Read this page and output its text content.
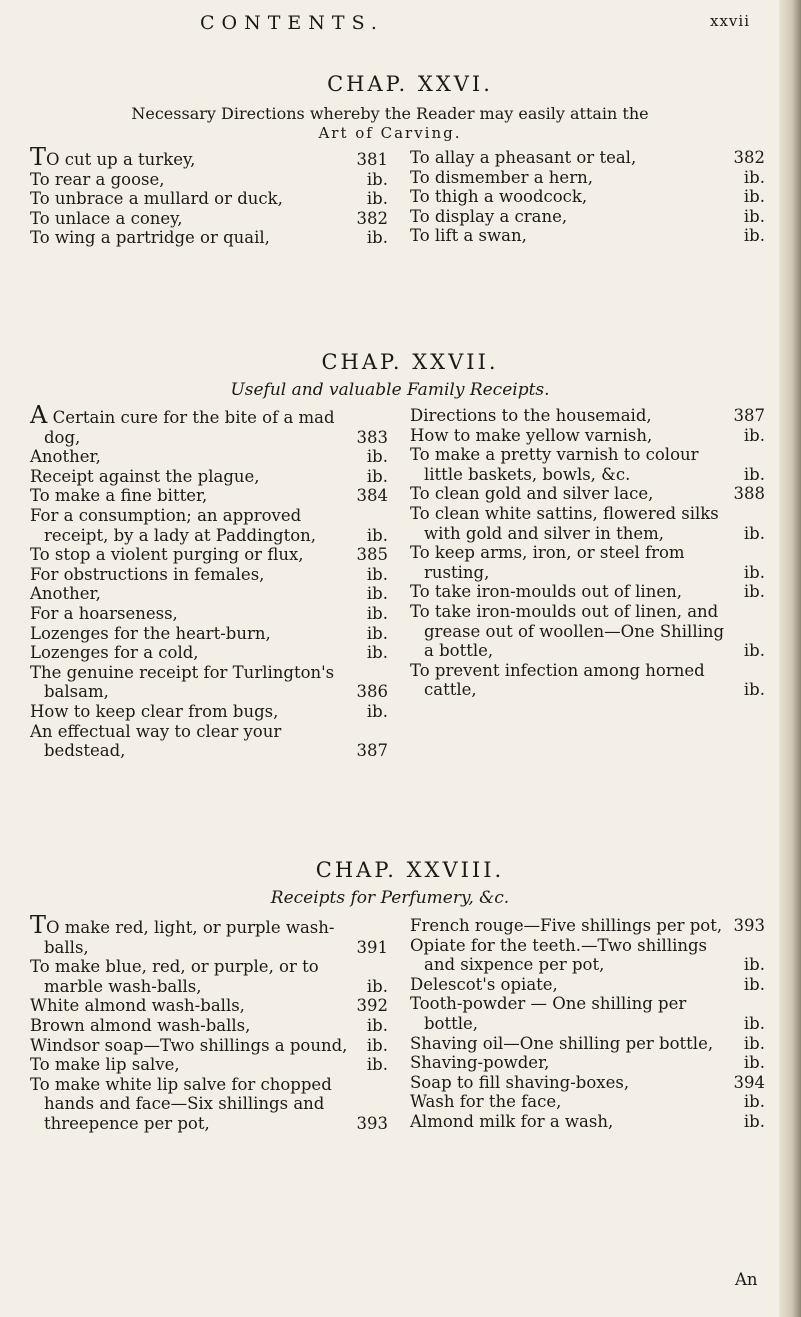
CONTENTS.	xxvii
CHAP. XXVI.
Necessary Directions whereby the Reader may easily attain the
Art of Carving.
TO cut up a turkey,	381
To rear a goose,	ib.
To unbrace a mullard or duck,	ib.
To unlace a coney,	382
To wing a partridge or quail,	ib.
To allay a pheasant or teal,	382
To dismember a hern,	ib.
To thigh a woodcock,	ib.
To display a crane,	ib.
To lift a swan,	ib.
CHAP. XXVII.
Useful and valuable Family Receipts.
A Certain cure for the bite of a mad dog,	383
Another,	ib.
Receipt against the plague,	ib.
To make a fine bitter,	384
For a consumption; an approved receipt, by a lady at Paddington,	ib.
To stop a violent purging or flux,	385
For obstructions in females,	ib.
Another,	ib.
For a hoarseness,	ib.
Lozenges for the heart-burn,	ib.
Lozenges for a cold,	ib.
The genuine receipt for Turlington's balsam,	386
How to keep clear from bugs,	ib.
An effectual way to clear your bedstead,	387
Directions to the housemaid,	387
How to make yellow varnish,	ib.
To make a pretty varnish to colour little baskets, bowls, &c.	ib.
To clean gold and silver lace,	388
To clean white sattins, flowered silks with gold and silver in them,	ib.
To keep arms, iron, or steel from rusting,	ib.
To take iron-moulds out of linen,	ib.
To take iron-moulds out of linen, and grease out of woollen—One Shilling a bottle,	ib.
To prevent infection among horned cattle,	ib.
CHAP. XXVIII.
Receipts for Perfumery, &c.
TO make red, light, or purple wash-balls,	391
To make blue, red, or purple, or to marble wash-balls,	ib.
White almond wash-balls,	392
Brown almond wash-balls,	ib.
Windsor soap—Two shillings a pound,	ib.
To make lip salve,	ib.
To make white lip salve for chopped hands and face—Six shillings and threepence per pot,	393
French rouge—Five shillings per pot, 393
Opiate for the teeth.—Two shillings and sixpence per pot,	ib.
Delescot's opiate,	ib.
Tooth-powder — One shilling per bottle,	ib.
Shaving oil—One shilling per bottle,	ib.
Shaving-powder,	ib.
Soap to fill shaving-boxes,	394
Wash for the face,	ib.
Almond milk for a wash,	ib.
An
